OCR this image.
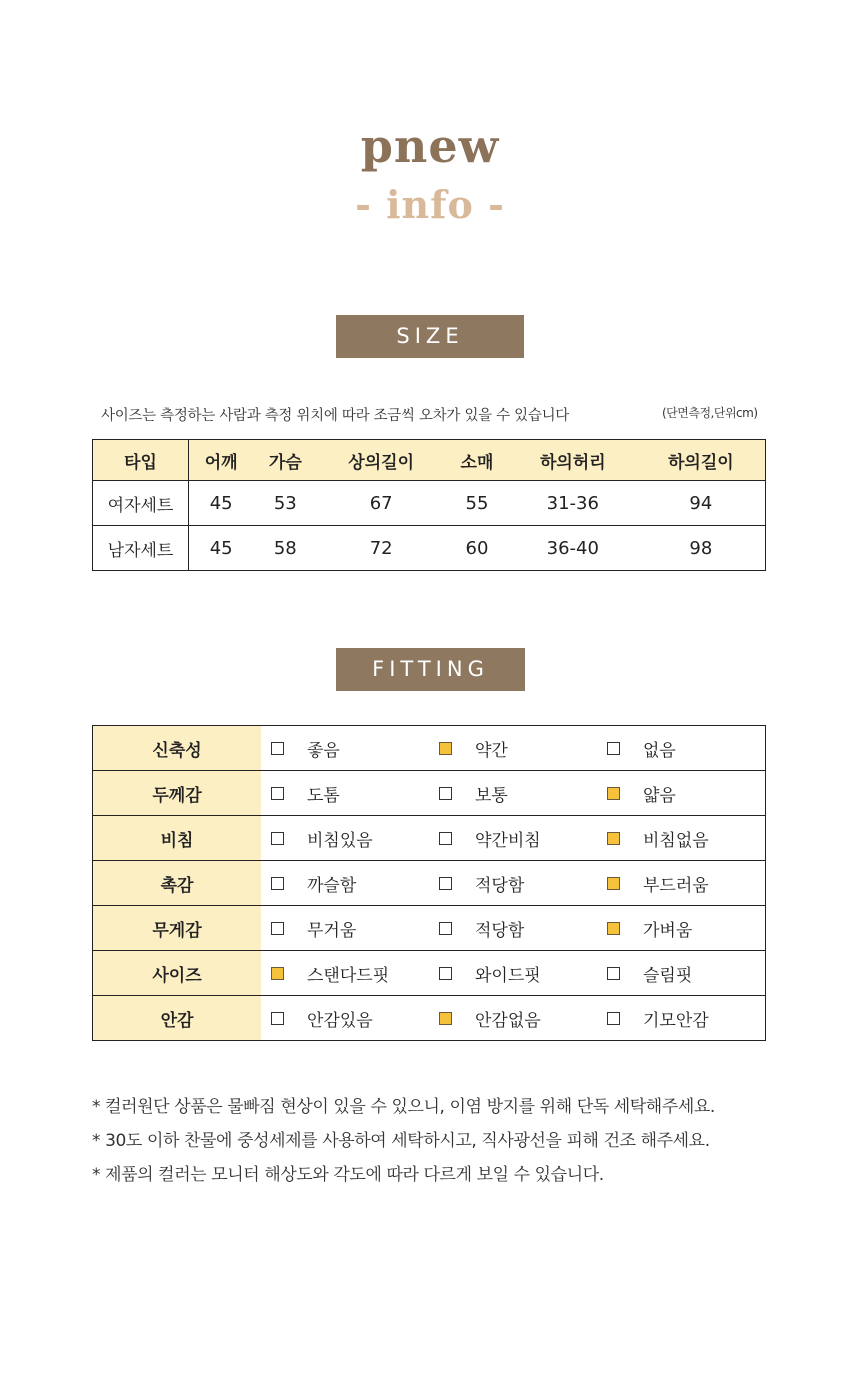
pnew
- info -
SIZE
사이즈는 측정하는 사람과 측정 위치에 따라 조금씩 오차가 있을 수 있습니다	(단면측정,단위cm)
타입	어깨	가슴	상의길이	소매	하의허리	하의길이
여자세트	45	53	67	55	31-36	94
남자세트	45	58	72	60	36-40	98
FITTING
신축성	좋음	약간	없음

두께감	도톰	보통	얇음

비침	비침있음	약간비침	비침없음

촉감	까슬함	적당함	부드러움

무게감	무거움	적당함	가벼움

사이즈	스탠다드핏	와이드핏	슬림핏

안감	안감있음	안감없음	기모안감
* 컬러원단 상품은 물빠짐 현상이 있을 수 있으니, 이염 방지를 위해 단독 세탁해주세요.
* 30도 이하 찬물에 중성세제를 사용하여 세탁하시고, 직사광선을 피해 건조 해주세요.
* 제품의 컬러는 모니터 해상도와 각도에 따라 다르게 보일 수 있습니다.
